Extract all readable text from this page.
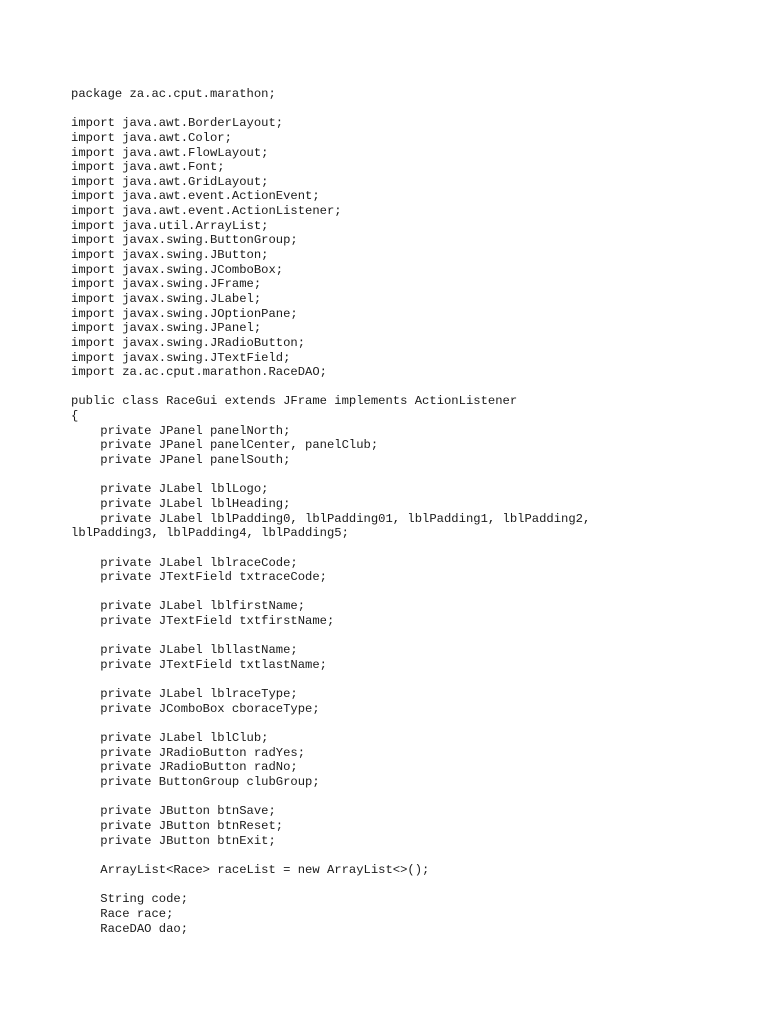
package za.ac.cput.marathon;
import java.awt.BorderLayout;
import java.awt.Color;
import java.awt.FlowLayout;
import java.awt.Font;
import java.awt.GridLayout;
import java.awt.event.ActionEvent;
import java.awt.event.ActionListener;
import java.util.ArrayList;
import javax.swing.ButtonGroup;
import javax.swing.JButton;
import javax.swing.JComboBox;
import javax.swing.JFrame;
import javax.swing.JLabel;
import javax.swing.JOptionPane;
import javax.swing.JPanel;
import javax.swing.JRadioButton;
import javax.swing.JTextField;
import za.ac.cput.marathon.RaceDAO;
public class RaceGui extends JFrame implements ActionListener
{
private JPanel panelNorth;
private JPanel panelCenter, panelClub;
private JPanel panelSouth;
private JLabel lblLogo;
private JLabel lblHeading;
private JLabel lblPadding0, lblPadding01, lblPadding1, lblPadding2,
lblPadding3, lblPadding4, lblPadding5;
private JLabel lblraceCode;
private JTextField txtraceCode;
private JLabel lblfirstName;
private JTextField txtfirstName;
private JLabel lbllastName;
private JTextField txtlastName;
private JLabel lblraceType;
private JComboBox cboraceType;
private JLabel lblClub;
private JRadioButton radYes;
private JRadioButton radNo;
private ButtonGroup clubGroup;
private JButton btnSave;
private JButton btnReset;
private JButton btnExit;
ArrayList<Race> raceList = new ArrayList<>();
String code;
Race race;
RaceDAO dao;
